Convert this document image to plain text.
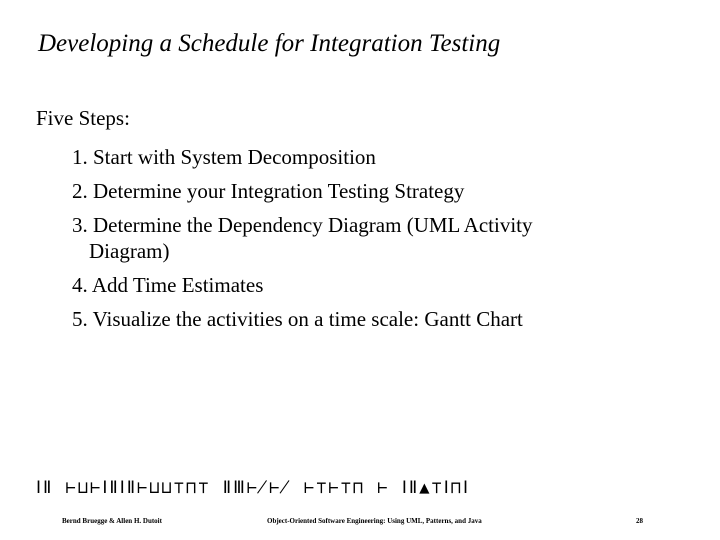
Developing a Schedule for Integration Testing
Five Steps:
1. Start with System Decomposition
2. Determine your Integration Testing Strategy
3. Determine the Dependency Diagram (UML Activity
Diagram)
4. Add Time Estimates
5. Visualize the activities on a time scale: Gantt Chart
ⅠⅡ ⊢⊔⊢ⅠⅡⅠⅡ⊢⊔⊔⊤⊓⊤ ⅡⅢ⊬⊬ ⊢⊤⊢⊤⊓ ⊢ ⅠⅡ▲⊤Ⅰ⊓Ⅰ
Bernd Bruegge & Allen H. Dutoit	Object-Oriented Software Engineering: Using UML, Patterns, and Java	28
